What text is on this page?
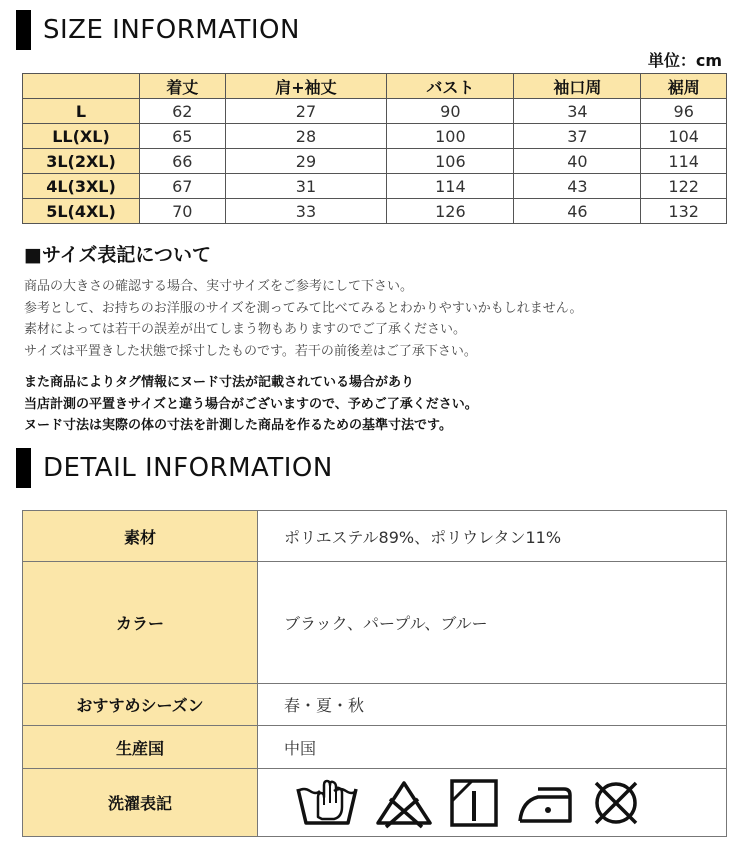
SIZE INFORMATION
単位：cm
	着丈	肩+袖丈	バスト	袖口周	裾周
L	62	27	90	34	96
LL(XL)	65	28	100	37	104
3L(2XL)	66	29	106	40	114
4L(3XL)	67	31	114	43	122
5L(4XL)	70	33	126	46	132
■サイズ表記について
商品の大きさの確認する場合、実寸サイズをご参考にして下さい。
参考として、お持ちのお洋服のサイズを測ってみて比べてみるとわかりやすいかもしれません。
素材によっては若干の誤差が出てしまう物もありますのでご了承ください。
サイズは平置きした状態で採寸したものです。若干の前後差はご了承下さい。
また商品によりタグ情報にヌード寸法が記載されている場合があり
当店計測の平置きサイズと違う場合がございますので、予めご了承ください。
ヌード寸法は実際の体の寸法を計測した商品を作るための基準寸法です。
DETAIL INFORMATION
素材	ポリエステル89%、ポリウレタン11%
カラー	ブラック、パープル、ブルー
おすすめシーズン	春・夏・秋
生産国	中国
洗濯表記	
